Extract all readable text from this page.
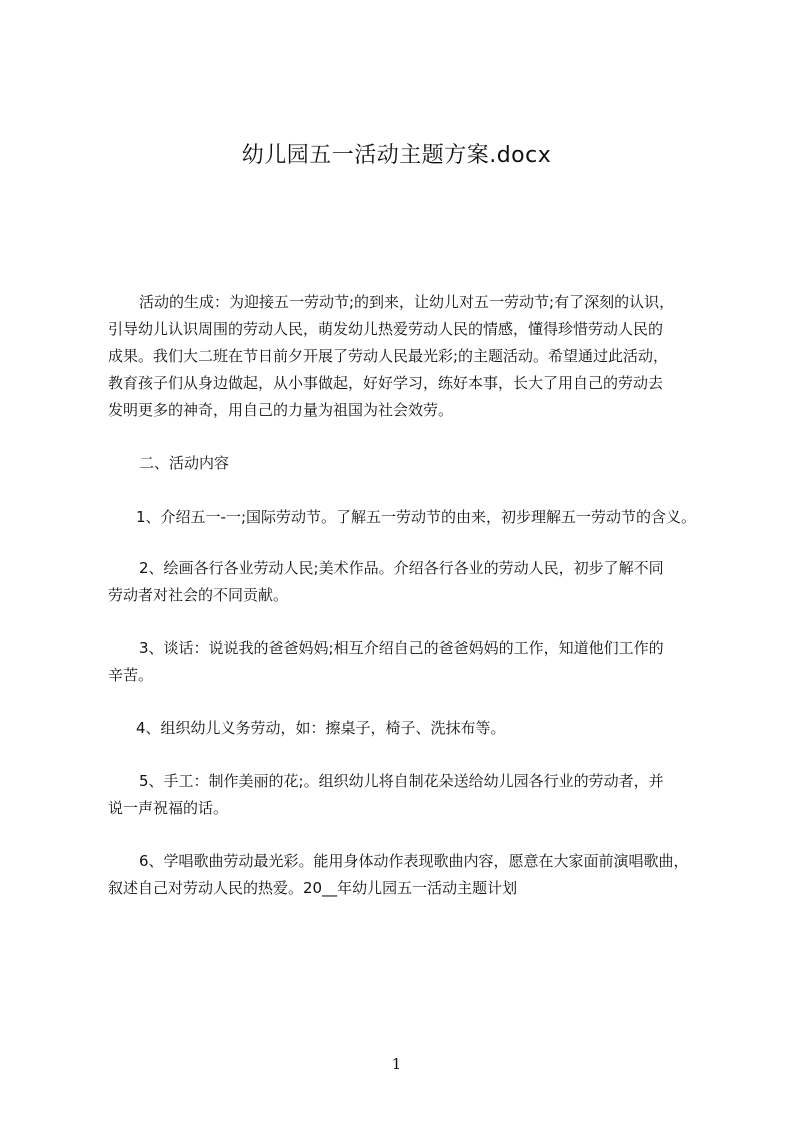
幼儿园五一活动主题方案.docx
活动的生成：为迎接五一劳动节;的到来，让幼儿对五一劳动节;有了深刻的认识，
引导幼儿认识周围的劳动人民，萌发幼儿热爱劳动人民的情感，懂得珍惜劳动人民的
成果。我们大二班在节日前夕开展了劳动人民最光彩;的主题活动。希望通过此活动，
教育孩子们从身边做起，从小事做起，好好学习，练好本事，长大了用自己的劳动去
发明更多的神奇，用自己的力量为祖国为社会效劳。
二、活动内容
1、介绍五一-一;国际劳动节。了解五一劳动节的由来，初步理解五一劳动节的含义。
2、绘画各行各业劳动人民;美术作品。介绍各行各业的劳动人民，初步了解不同
劳动者对社会的不同贡献。
3、谈话：说说我的爸爸妈妈;相互介绍自己的爸爸妈妈的工作，知道他们工作的
辛苦。
4、组织幼儿义务劳动，如：擦桌子，椅子、洗抹布等。
5、手工：制作美丽的花;。组织幼儿将自制花朵送给幼儿园各行业的劳动者，并
说一声祝福的话。
6、学唱歌曲劳动最光彩。能用身体动作表现歌曲内容，愿意在大家面前演唱歌曲，
叙述自己对劳动人民的热爱。20__年幼儿园五一活动主题计划
1
